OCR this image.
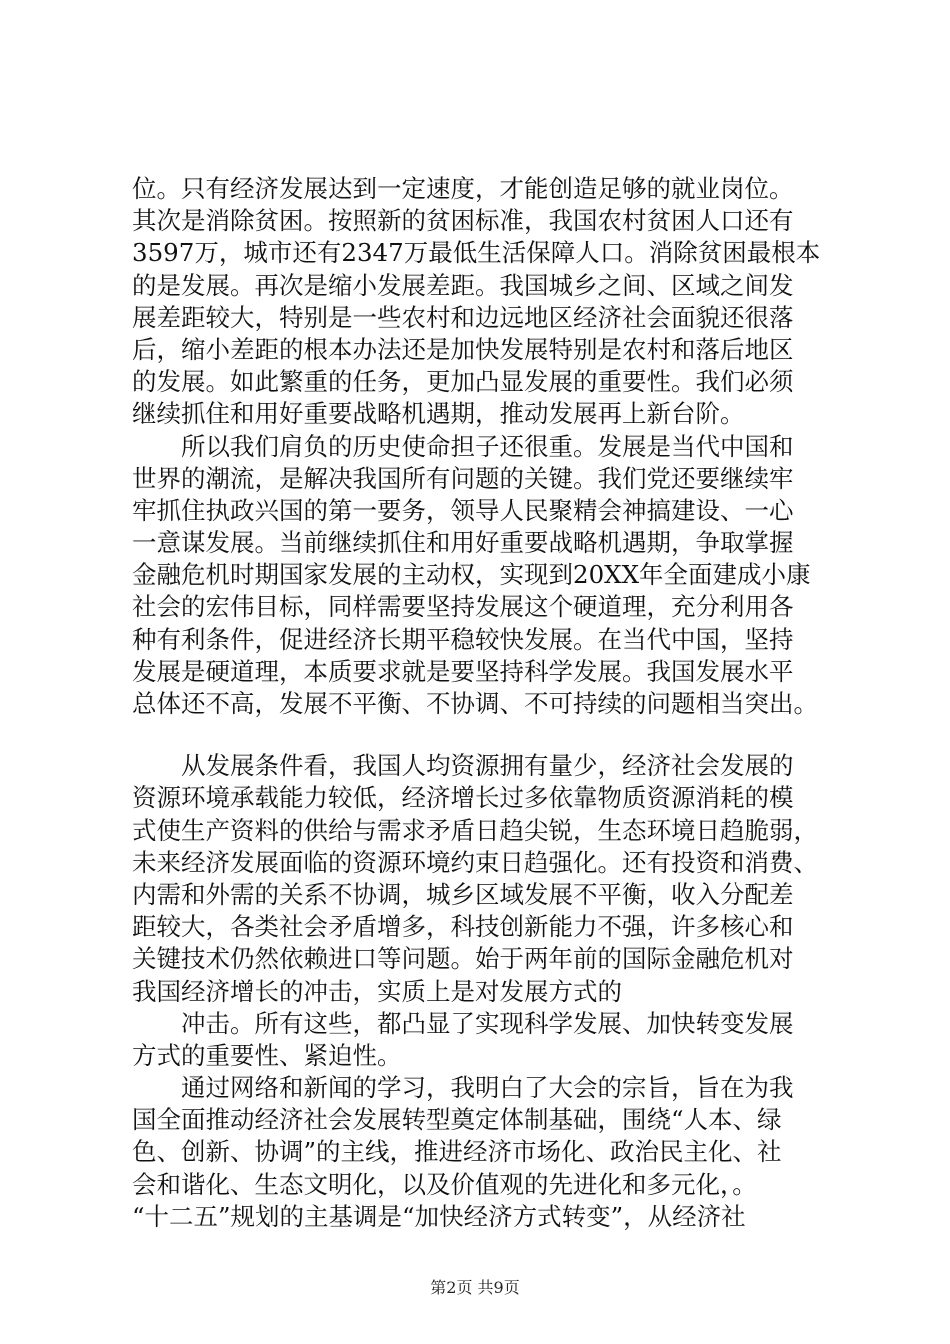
位。只有经济发展达到一定速度，才能创造足够的就业岗位。
其次是消除贫困。按照新的贫困标准，我国农村贫困人口还有
3597万，城市还有2347万最低生活保障人口。消除贫困最根本
的是发展。再次是缩小发展差距。我国城乡之间、区域之间发
展差距较大，特别是一些农村和边远地区经济社会面貌还很落
后，缩小差距的根本办法还是加快发展特别是农村和落后地区
的发展。如此繁重的任务，更加凸显发展的重要性。我们必须
继续抓住和用好重要战略机遇期，推动发展再上新台阶。
所以我们肩负的历史使命担子还很重。发展是当代中国和
世界的潮流，是解决我国所有问题的关键。我们党还要继续牢
牢抓住执政兴国的第一要务，领导人民聚精会神搞建设、一心
一意谋发展。当前继续抓住和用好重要战略机遇期，争取掌握
金融危机时期国家发展的主动权，实现到20XX年全面建成小康
社会的宏伟目标，同样需要坚持发展这个硬道理，充分利用各
种有利条件，促进经济长期平稳较快发展。在当代中国，坚持
发展是硬道理，本质要求就是要坚持科学发展。我国发展水平
总体还不高，发展不平衡、不协调、不可持续的问题相当突出。
从发展条件看，我国人均资源拥有量少，经济社会发展的
资源环境承载能力较低，经济增长过多依靠物质资源消耗的模
式使生产资料的供给与需求矛盾日趋尖锐，生态环境日趋脆弱，
未来经济发展面临的资源环境约束日趋强化。还有投资和消费、
内需和外需的关系不协调，城乡区域发展不平衡，收入分配差
距较大，各类社会矛盾增多，科技创新能力不强，许多核心和
关键技术仍然依赖进口等问题。始于两年前的国际金融危机对
我国经济增长的冲击，实质上是对发展方式的
冲击。所有这些，都凸显了实现科学发展、加快转变发展
方式的重要性、紧迫性。
通过网络和新闻的学习，我明白了大会的宗旨，旨在为我
国全面推动经济社会发展转型奠定体制基础，围绕“人本、绿
色、创新、协调”的主线，推进经济市场化、政治民主化、社
会和谐化、生态文明化，以及价值观的先进化和多元化，。
“十二五”规划的主基调是“加快经济方式转变”，从经济社
第2页 共9页
